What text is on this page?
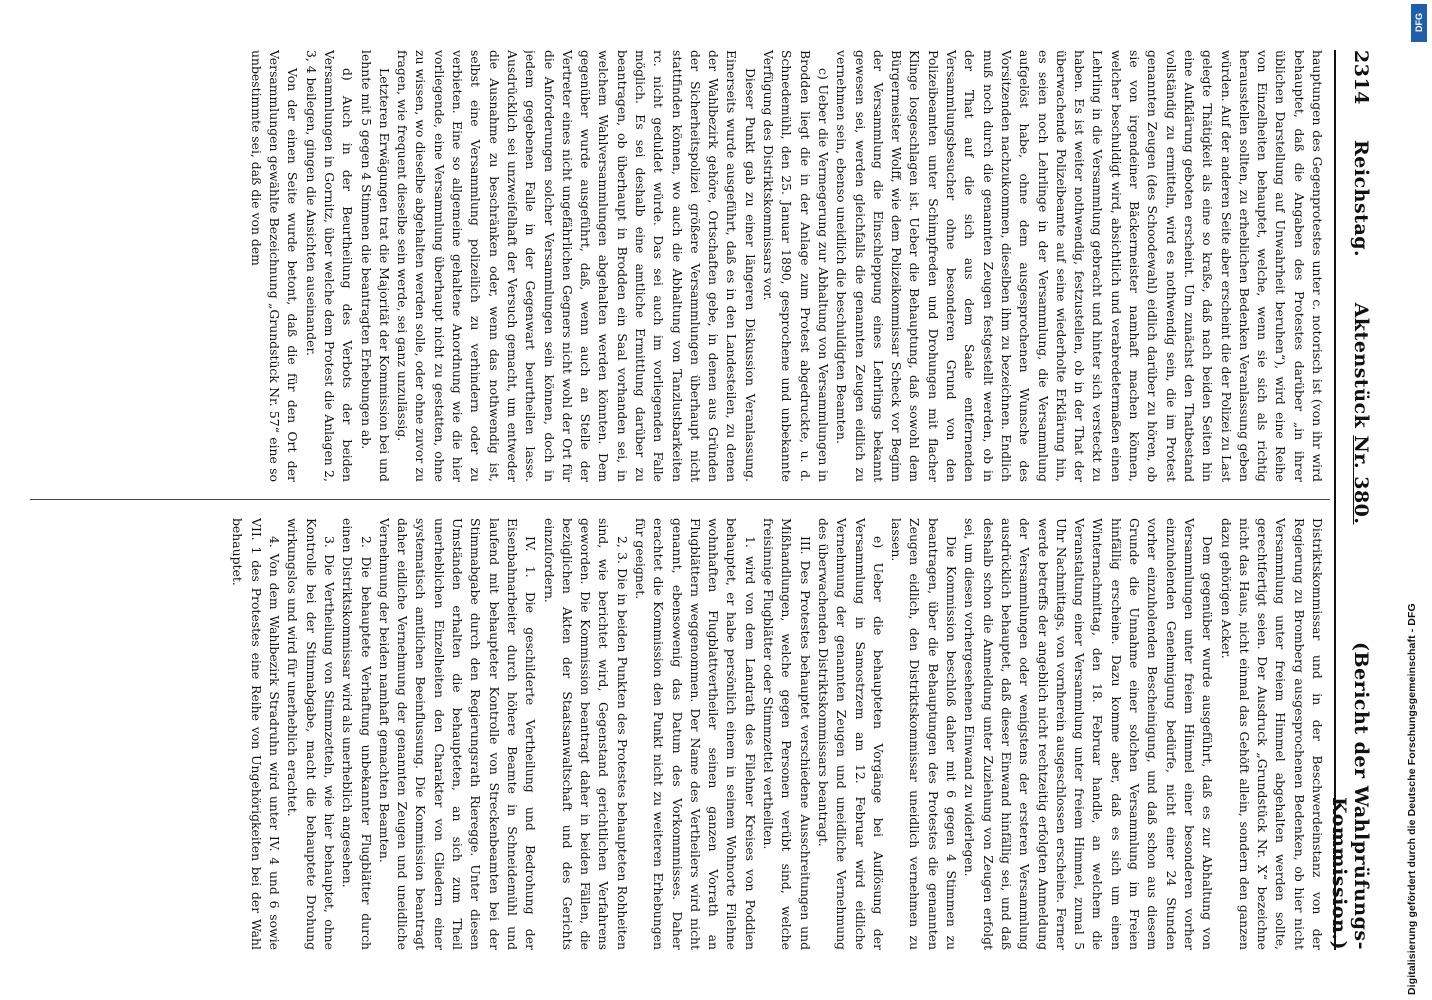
2314
Reichstag.
Aktenstück Nr. 380.
(Bericht der Wahlprüfungs-Kommission.)

hauptungen des Gegenprotestes unter c. notorisch ist (von ihr wird behauptet, daß die Angaben des Protestes darüber „in ihrer üblichen Darstellung auf Unwahrheit beruhen“), wird eine Reihe von Einzelheiten behauptet, welche, wenn sie sich als richtig herausstellen sollten, zu erheblichen Bedenken Veranlassung geben würden. Auf der anderen Seite aber erscheint die der Polizei zu Last gelegte Thätigkeit als eine so kraße, daß nach beiden Seiten hin eine Aufklärung geboten erscheint. Um zunächst den Thatbestand vollständig zu ermitteln, wird es nothwendig sein, die im Protest genannten Zeugen (des Schoodewahl) eidlich darüber zu hören, ob sie von irgendeiner Bäckermeister namhaft machen können, welcher beschuldigt wird, absichtlich und verabredetermaßen einen Lehrling in die Versammlung gebracht und hinter sich versteckt zu haben. Es ist weiter nothwendig, festzustellen, ob in der That der überwachende Polizeibeamte auf seine wiederholte Erklärung hin, es seien noch Lehrlinge in der Versammlung, die Versammlung aufgelöst habe, ohne dem ausgesprochenen Wunsche des Vorsitzenden nachzukommen, dieselben ihm zu bezeichnen. Endlich muß noch durch die genannten Zeugen festgestellt werden, ob in der That auf die sich aus dem Saale entfernenden Versammlungsbesucher ohne besonderen Grund von den Polizeibeamten unter Schimpfreden und Drohungen mit flacher Klinge losgeschlagen ist. Ueber die Behauptung, daß sowohl dem Bürgermeister Wolff, wie dem Polizeikommissar Scheck vor Beginn der Versammlung die Einschleppung eines Lehrlings bekannt gewesen sei, werden gleichfalls die genannten Zeugen eidlich zu vernehmen sein, ebenso uneidlich die beschuldigten Beamten.

c) Ueber die Vermegerung zur Abhaltung von Versammlungen in Brodden liegt die in der Anlage zum Protest abgedruckte, u. d. Schnedemühl, den 25. Januar 1890, gesprochene und unbekannte Verfügung des Distriktskommissars vor.

Dieser Punkt gab zu einer längeren Diskussion Veranlassung. Einerseits wurde ausgeführt, daß es in den Landesteilen, zu denen der Wahlbezirk gehöre, Ortschaften gebe, in denen aus Gründen der Sicherheitspolizei größere Versammlungen überhaupt nicht stattfinden können, wo auch die Abhaltung von Tanzlustbarkeiten rc. nicht geduldet würde. Das sei auch im vorliegenden Falle möglich. Es sei deshalb eine amtliche Ermittlung darüber zu beantragen, ob überhaupt in Brodden ein Saal vorhanden sei, in welchem Wahlversammlungen abgehalten werden könnten. Dem gegenüber wurde ausgeführt, daß, wenn auch an Stelle der Vertreter eines nicht ungefährlichen Gegners nicht wohl der Ort für die Anforderungen solcher Versammlungen sein können, doch in jedem gegebenen Falle in der Gegenwart beurtheilen lasse. Ausdrücklich sei unzweifelhaft der Versuch gemacht, um entweder die Ausnahme zu beschränken oder, wenn das nothwendig ist, selbst eine Versammlung polizeilich zu verhindern oder zu verbieten. Eine so allgemeine gehaltene Anordnung wie die hier vorliegende, eine Versammlung überhaupt nicht zu gestatten, ohne zu wissen, wo dieselbe abgehalten werden solle, oder ohne zuvor zu fragen, wie frequent dieselbe sein werde, sei ganz unzulässig.

Letzteren Erwägungen trat die Majorität der Kommission bei und lehnte mit 5 gegen 4 Stimmen die beantragten Erhebungen ab.

d) Auch in der Beurtheilung des Verbots der beiden Versammlungen in Gornitz, über welche dem Protest die Anlagen 2, 3, 4 beilegen, gingen die Ansichten auseinander.

Von der einen Seite wurde betont, daß die für den Ort der Versammlungen gewählte Bezeichnung „Grundstück Nr. 57“ eine so unbestimmte sei, daß die von dem

Distriktskommissar und in der Beschwerdeinstanz von der Regierung zu Bromberg ausgesprochenen Bedenken, ob hier nicht Versammlung unter freiem Himmel abgehalten werden sollte, gerechtfertigt seien. Der Ausdruck „Grundstück Nr. X“ bezeichne nicht das Haus, nicht einmal das Gehöft allein, sondern den ganzen dazu gehörigen Acker.

Dem gegenüber wurde ausgeführt, daß es zur Abhaltung von Versammlungen unter freiem Himmel einer besonderen vorher einzuholenden Genehmigung bedürfe, nicht einer 24 Stunden vorher einzuholenden Bescheinigung, und daß schon aus diesem Grunde die Unnahme einer solchen Versammlung im Freien hinfällig erscheine. Dazu komme aber, daß es sich um einen Winternachmittag, den 18. Februar handle, an welchem die Veranstaltung einer Versammlung unter freiem Himmel, zumal 5 Uhr Nachmittags, von vornherein ausgeschlossen erscheine. Ferner werde betreffs der angeblich nicht rechtzeitig erfolgten Anmeldung der Versammlungen oder wenigstens der ersteren Versammlung ausdrücklich behauptet, daß dieser Einwand hinfällig sei, und daß deshalb schon die Anmeldung unter Zuziehung von Zeugen erfolgt sei, um diesen vorhergesehenen Einwand zu widerlegen.

Die Kommission beschloß daher mit 6 gegen 4 Stimmen zu beantragen, über die Behauptungen des Protestes die genannten Zeugen eidlich, den Distriktskommissar uneidlich vernehmen zu lassen.

e) Ueber die behaupteten Vorgänge bei Auflösung der Versammlung in Samostrzem am 12. Februar wird eidliche Vernehmung der genannten Zeugen und uneidliche Vernehmung des überwachenden Distriktskommissars beantragt.

III. Des Protestes behauptet verschiedene Ausschreitungen und Mißhandlungen, welche gegen Personen verübt sind, welche freisinnige Flugblätter oder Stimmzettel vertheilten.

1. wird von dem Landrath des Filehner Kreises von Poddien behauptet, er habe persönlich einem in seinem Wohnorte Filehne wohnhaften Flugblattvertheiler seinen ganzen Vorrath an Flugblättern weggenommen. Der Name des Vertheilers wird nicht genannt, ebensowenig das Datum des Vorkommnisses. Daher erachtet die Kommission den Punkt nicht zu weiteren Erhebungen für geeignet.

2, 3. Die in beiden Punkten des Protestes behaupteten Rohheiten sind, wie berichtet wird, Gegenstand gerichtlichen Verfahrens geworden. Die Kommission beantragt daher in beiden Fällen, die bezüglichen Akten der Staatsanwaltschaft und des Gerichts einzufordern.

IV. 1. Die geschilderte Vertheilung und Bedrohung der Eisenbahnarbeiter durch höhere Beamte in Schneidemühl und laufend mit behaupteter Kontrolle von Streckenbeamten bei der Stimmabgabe durch den Regierungsrath Rieregge. Unter diesen Umständen erhalten die behaupteten, an sich zum Theil unerheblichen Einzelheiten den Charakter von Gliedern einer systematisch amtlichen Beeinflussung. Die Kommission beantragt daher eidliche Vernehmung der genannten Zeugen und uneidliche Vernehmung der beiden namhaft gemachten Beamten.

2. Die behauptete Verhaftung unbekannter Flugblätter durch einen Distriktskommissar wird als unerheblich angesehen.

3. Die Vertheilung von Stimmzetteln, wie hier behauptet, ohne Kontrolle bei der Stimmabgabe, macht die behauptete Drohung wirkungslos und wird für unerheblich erachtet.

4. Von dem Wahlbezirk Stradruhn wird unter IV. 4 und 6 sowie VII. 1 des Protestes eine Reihe von Ungehörigkeiten bei der Wahl behauptet.

DFG
Digitalisierung gefördert durch die Deutsche Forschungsgemeinschaft - DFG
